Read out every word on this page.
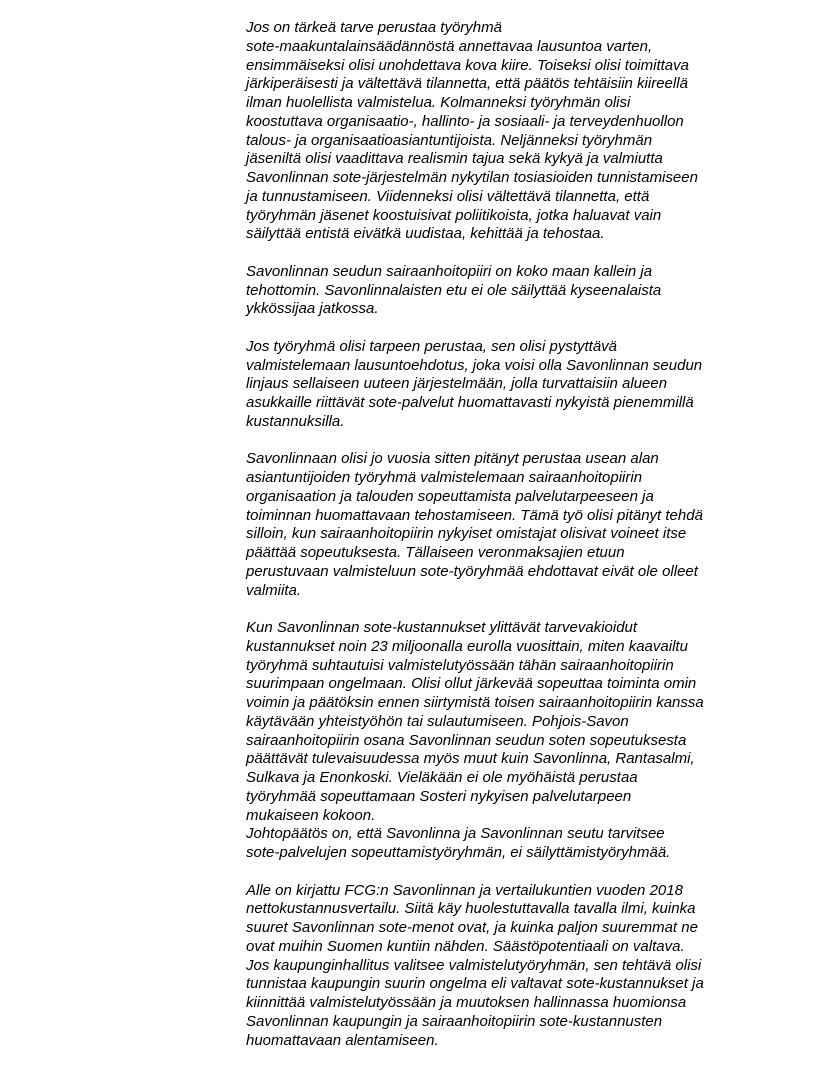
Jos on tärkeä tarve perustaa työryhmä
sote-maakuntalainsäädännöstä annettavaa lausuntoa varten,
ensimmäiseksi olisi unohdettava kova kiire. Toiseksi olisi toimittava
järkiperäisesti ja vältettävä tilannetta, että päätös tehtäisiin kiireellä
ilman huolellista valmistelua. Kolmanneksi työryhmän olisi
koostuttava organisaatio-, hallinto- ja sosiaali- ja terveydenhuollon
talous- ja organisaatioasiantuntijoista. Neljänneksi työryhmän
jäseniltä olisi vaadittava realismin tajua sekä kykyä ja valmiutta
Savonlinnan sote-järjestelmän nykytilan tosiasioiden tunnistamiseen
ja tunnustamiseen. Viidenneksi olisi vältettävä tilannetta, että
työryhmän jäsenet koostuisivat poliitikoista, jotka haluavat vain
säilyttää entistä eivätkä uudistaa, kehittää ja tehostaa.
Savonlinnan seudun sairaanhoitopiiri on koko maan kallein ja
tehottomin. Savonlinnalaisten etu ei ole säilyttää kyseenalaista
ykkössijaa jatkossa.
Jos työryhmä olisi tarpeen perustaa, sen olisi pystyttävä
valmistelemaan lausuntoehdotus, joka voisi olla Savonlinnan seudun
linjaus sellaiseen uuteen järjestelmään, jolla turvattaisiin alueen
asukkaille riittävät sote-palvelut huomattavasti nykyistä pienemmillä
kustannuksilla.
Savonlinnaan olisi jo vuosia sitten pitänyt perustaa usean alan
asiantuntijoiden työryhmä valmistelemaan sairaanhoitopiirin
organisaation ja talouden sopeuttamista palvelutarpeeseen ja
toiminnan huomattavaan tehostamiseen. Tämä työ olisi pitänyt tehdä
silloin, kun sairaanhoitopiirin nykyiset omistajat olisivat voineet itse
päättää sopeutuksesta. Tällaiseen veronmaksajien etuun
perustuvaan valmisteluun sote-työryhmää ehdottavat eivät ole olleet
valmiita.
Kun Savonlinnan sote-kustannukset ylittävät tarvevakioidut
kustannukset noin 23 miljoonalla eurolla vuosittain, miten kaavailtu
työryhmä suhtautuisi valmistelutyössään tähän sairaanhoitopiirin
suurimpaan ongelmaan. Olisi ollut järkevää sopeuttaa toiminta omin
voimin ja päätöksin ennen siirtymistä toisen sairaanhoitopiirin kanssa
käytävään yhteistyöhön tai sulautumiseen. Pohjois-Savon
sairaanhoitopiirin osana Savonlinnan seudun soten sopeutuksesta
päättävät tulevaisuudessa myös muut kuin Savonlinna, Rantasalmi,
Sulkava ja Enonkoski. Vieläkään ei ole myöhäistä perustaa
työryhmää sopeuttamaan Sosteri nykyisen palvelutarpeen
mukaiseen kokoon.
Johtopäätös on, että Savonlinna ja Savonlinnan seutu tarvitsee
sote-palvelujen sopeuttamistyöryhmän, ei säilyttämistyöryhmää.
Alle on kirjattu FCG:n Savonlinnan ja vertailukuntien vuoden 2018
nettokustannusvertailu. Siitä käy huolestuttavalla tavalla ilmi, kuinka
suuret Savonlinnan sote-menot ovat, ja kuinka paljon suuremmat ne
ovat muihin Suomen kuntiin nähden. Säästöpotentiaali on valtava.
Jos kaupunginhallitus valitsee valmistelutyöryhmän, sen tehtävä olisi
tunnistaa kaupungin suurin ongelma eli valtavat sote-kustannukset ja
kiinnittää valmistelutyössään ja muutoksen hallinnassa huomionsa
Savonlinnan kaupungin ja sairaanhoitopiirin sote-kustannusten
huomattavaan alentamiseen.
